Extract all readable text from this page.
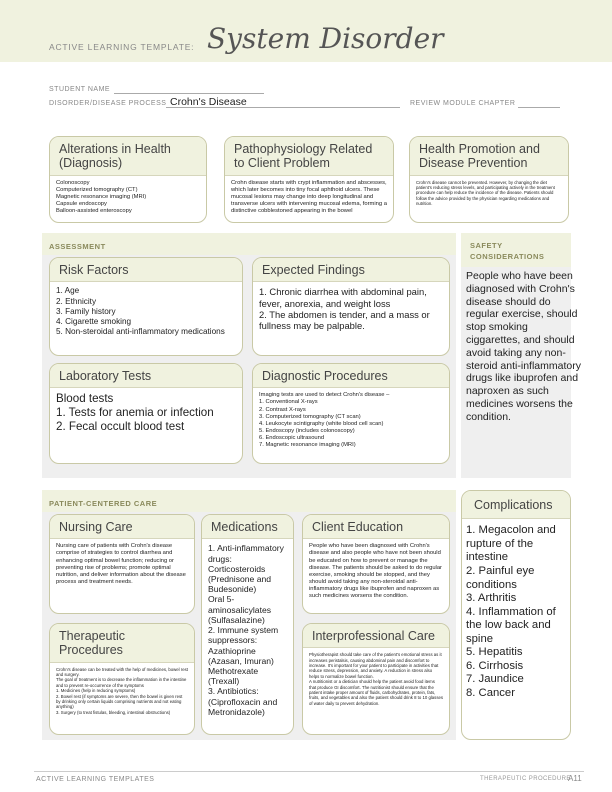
ACTIVE LEARNING TEMPLATE: System Disorder
STUDENT NAME
DISORDER/DISEASE PROCESS Crohn's Disease	REVIEW MODULE CHAPTER
Alterations in Health (Diagnosis)
Colonoscopy
Computerized tomography (CT)
Magnetic resonance imaging (MRI)
Capsule endoscopy
Balloon-assisted enteroscopy
Pathophysiology Related to Client Problem
Crohn disease starts with crypt inflammation and abscesses, which later becomes into tiny focal aphthoid ulcers. These mucosal lesions may change into deep longitudinal and transverse ulcers with intervening mucosal edema, forming a distinctive cobblestoned appearing in the bowel
Health Promotion and Disease Prevention
Crohn's disease cannot be prevented. However, by changing the diet patient's reducing stress levels, and participating actively in the treatment procedure can help reduce the incidence of the disease. Patients should follow the advice provided by the physician regarding medications and nutrition.
ASSESSMENT
Risk Factors
1. Age
2. Ethnicity
3. Family history
4. Cigarette smoking
5. Non-steroidal anti-inflammatory medications
Expected Findings
1. Chronic diarrhea with abdominal pain, fever, anorexia, and weight loss
2. The abdomen is tender, and a mass or fullness may be palpable.
Laboratory Tests
Blood tests
1. Tests for anemia or infection
2. Fecal occult blood test
Diagnostic Procedures
Imaging tests are used to detect Crohn's disease –
1. Conventional X-rays
2. Contrast X-rays
3. Computerized tomography (CT scan)
4. Leukocyte scintigraphy (white blood cell scan)
5. Endoscopy (includes colonoscopy)
6. Endoscopic ultrasound
7. Magnetic resonance imaging (MRI)
SAFETY CONSIDERATIONS
People who have been diagnosed with Crohn's disease should do regular exercise, should stop smoking ciggarettes, and should avoid taking any non-steroid anti-inflammatory drugs like ibuprofen and naproxen as such medicines worsens the condition.
PATIENT-CENTERED CARE
Nursing Care
Nursing care of patients with Crohn's disease comprise of strategies to control diarrhea and enhancing optimal bowel function; reducing or preventing rise of problems; promote optimal nutrition, and deliver information about the disease process and treatment needs.
Therapeutic Procedures
Crohn's disease can be treated with the help of medicines, bowel rest and surgery.
The goal of treatment is to decrease the inflammation in the intestine and to prevent re-occurrence of the symptoms
1. Medicines (help in reducing symptoms)
2. Bowel rest (if symptoms are severe, then the bowel is given rest by drinking only certain liquids comprising nutrients and not eating anything)
3. Surgery (to treat fistulas, bleeding, intestinal obstructions)
Medications
1. Anti-inflammatory drugs:
Corticosteroids (Prednisone and Budesonide)
Oral 5-aminosalicylates (Sulfasalazine)
2. Immune system suppressors:
Azathioprine (Azasan, Imuran)
Methotrexate (Trexall)
3. Antibiotics: (Ciprofloxacin and Metronidazole)
Client Education
People who have been diagnosed with Crohn's disease and also people who have not been should be educated on how to prevent or manage the disease. The patients should be asked to do regular exercise, smoking should be stopped, and they should avoid taking any non-steroidal anti-inflammatory drugs like ibuprofen and naproxen as such medicines worsens the condition.
Interprofessional Care
Physiotherapist should take care of the patient's emotional stress as it increases peristalsis, causing abdominal pain and discomfort to increase. It's important for your patient to participate in activities that reduce stress, depression, and anxiety. A reduction in stress also helps to normalize bowel function.
A nutritionist or a dietician should help the patient avoid food items that produce GI discomfort. The nutritionist should ensure that the patient intake proper amount of fluids, carbohydrates, protein, fats, fruits, and vegetables and also the patient should drink 8 to 10 glasses of water daily to prevent dehydration.
Complications
1. Megacolon and rupture of the intestine
2. Painful eye conditions
3. Arthritis
4. Inflammation of the low back and spine
5. Hepatitis
6. Cirrhosis
7. Jaundice
8. Cancer
ACTIVE LEARNING TEMPLATES	THERAPEUTIC PROCEDURE
A11
